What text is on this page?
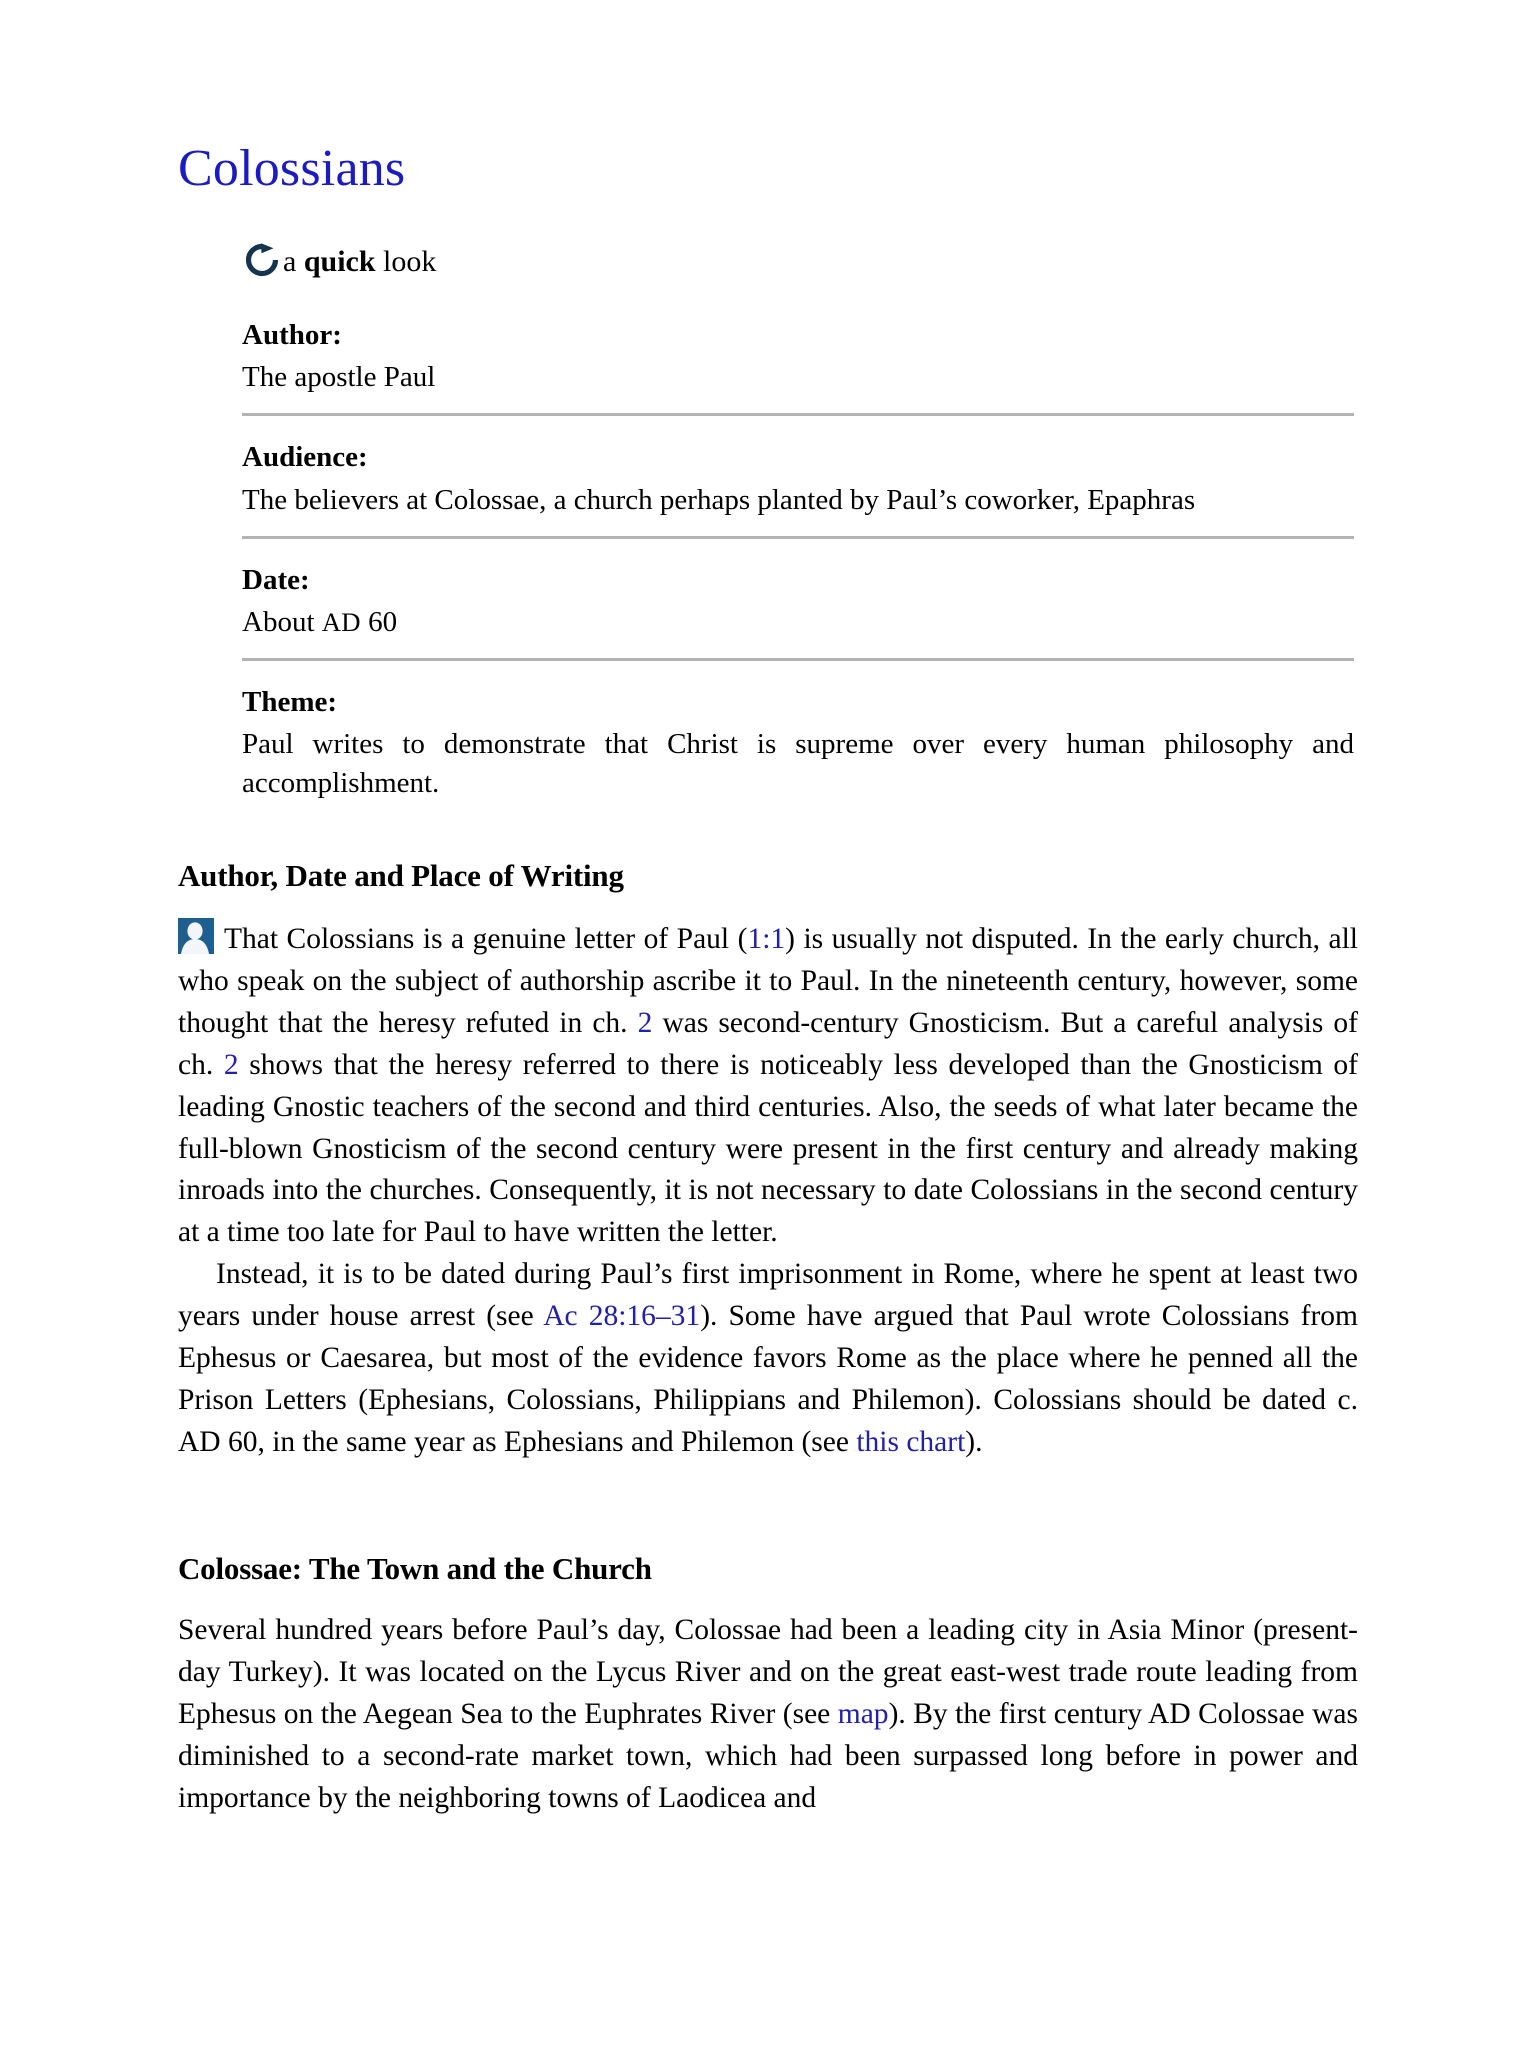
Colossians
a quick look
Author:
The apostle Paul
Audience:
The believers at Colossae, a church perhaps planted by Paul’s coworker, Epaphras
Date:
About AD 60
Theme:
Paul writes to demonstrate that Christ is supreme over every human philosophy and accomplishment.
Author, Date and Place of Writing

That Colossians is a genuine letter of Paul (1:1) is usually not disputed. In the early church, all who speak on the subject of authorship ascribe it to Paul. In the nineteenth century, however, some thought that the heresy refuted in ch. 2 was second-century Gnosticism. But a careful analysis of ch. 2 shows that the heresy referred to there is noticeably less developed than the Gnosticism of leading Gnostic teachers of the second and third centuries. Also, the seeds of what later became the full-blown Gnosticism of the second century were present in the first century and already making inroads into the churches. Consequently, it is not necessary to date Colossians in the second century at a time too late for Paul to have written the letter.

Instead, it is to be dated during Paul’s first imprisonment in Rome, where he spent at least two years under house arrest (see Ac 28:16–31). Some have argued that Paul wrote Colossians from Ephesus or Caesarea, but most of the evidence favors Rome as the place where he penned all the Prison Letters (Ephesians, Colossians, Philippians and Philemon). Colossians should be dated c. AD 60, in the same year as Ephesians and Philemon (see this chart).

Colossae: The Town and the Church

Several hundred years before Paul’s day, Colossae had been a leading city in Asia Minor (present-day Turkey). It was located on the Lycus River and on the great east-west trade route leading from Ephesus on the Aegean Sea to the Euphrates River (see map). By the first century AD Colossae was diminished to a second-rate market town, which had been surpassed long before in power and importance by the neighboring towns of Laodicea and
